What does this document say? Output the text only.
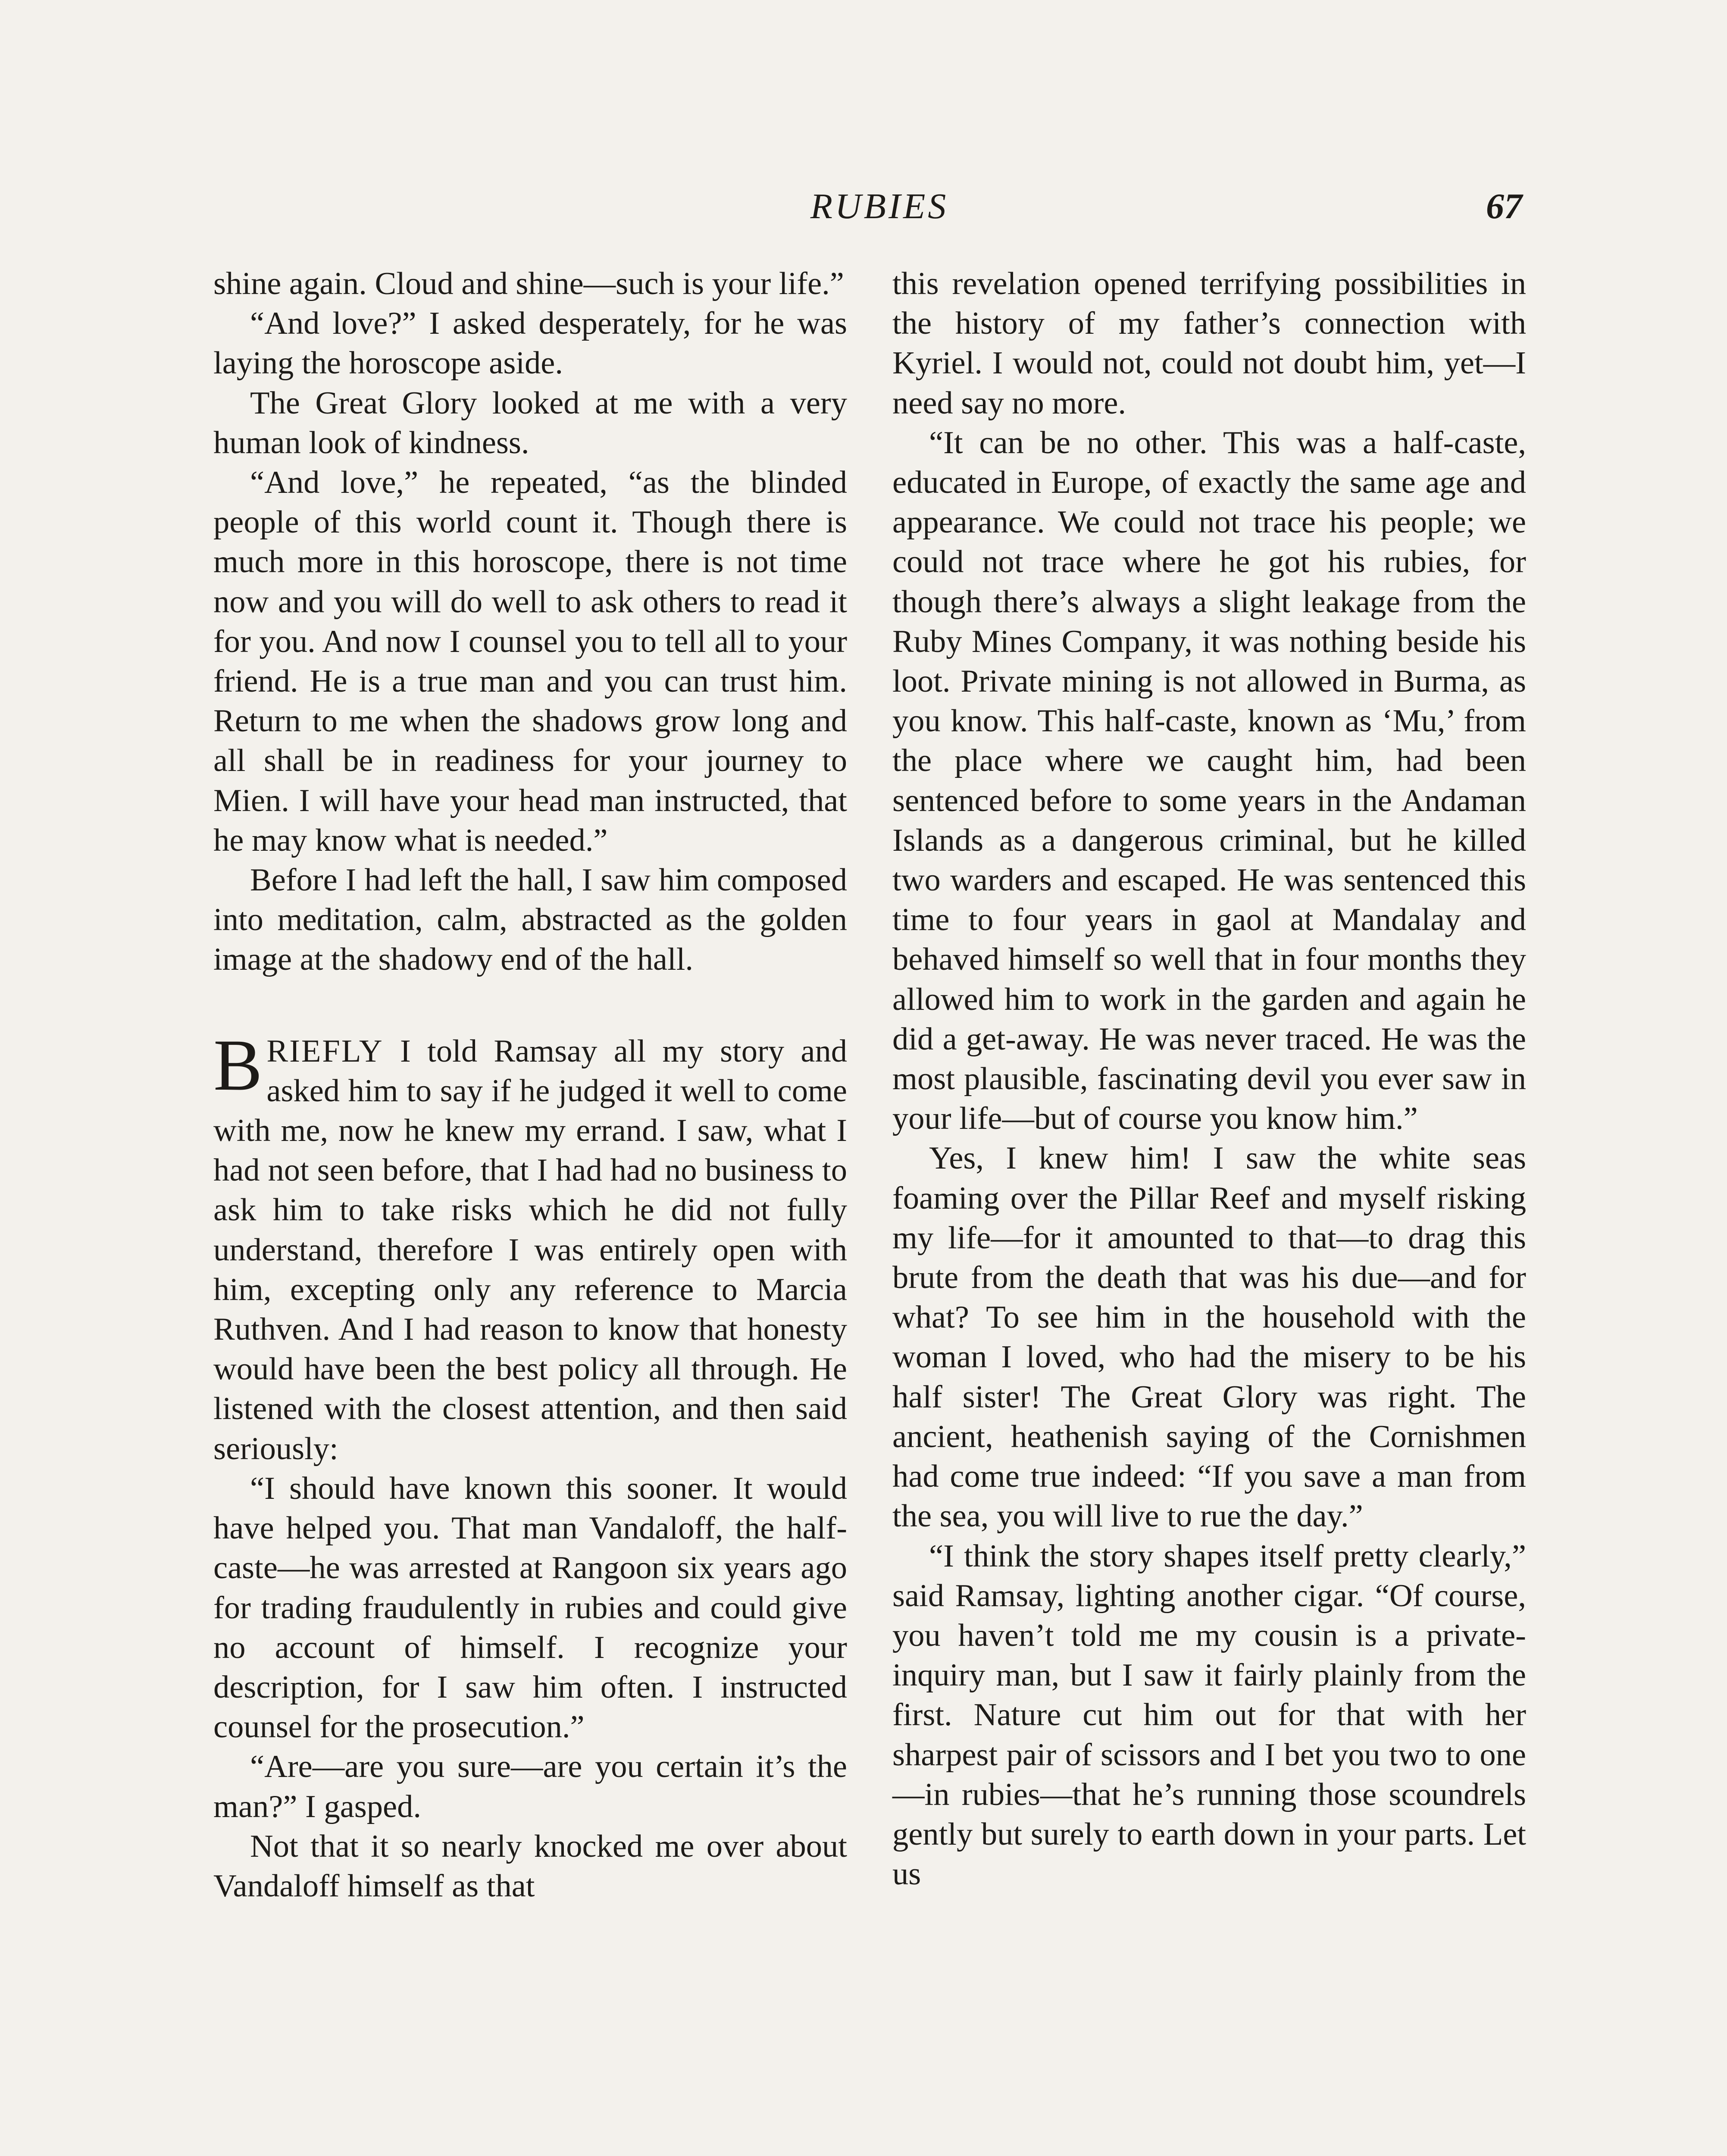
RUBIES	67

shine again. Cloud and shine—such is your life.”

“And love?” I asked desperately, for he was laying the horoscope aside.

The Great Glory looked at me with a very human look of kindness.

“And love,” he repeated, “as the blinded people of this world count it. Though there is much more in this horoscope, there is not time now and you will do well to ask others to read it for you. And now I counsel you to tell all to your friend. He is a true man and you can trust him. Return to me when the shadows grow long and all shall be in readiness for your journey to Mien. I will have your head man instructed, that he may know what is needed.”

Before I had left the hall, I saw him composed into meditation, calm, abstracted as the golden image at the shadowy end of the hall.

BRIEFLY I told Ramsay all my story and asked him to say if he judged it well to come with me, now he knew my errand. I saw, what I had not seen before, that I had had no business to ask him to take risks which he did not fully understand, therefore I was entirely open with him, excepting only any reference to Marcia Ruthven. And I had reason to know that honesty would have been the best policy all through. He listened with the closest attention, and then said seriously:

“I should have known this sooner. It would have helped you. That man Vandaloff, the half-caste—he was arrested at Rangoon six years ago for trading fraudulently in rubies and could give no account of himself. I recognize your description, for I saw him often. I instructed counsel for the prosecution.”

“Are—are you sure—are you certain it’s the man?” I gasped.

Not that it so nearly knocked me over about Vandaloff himself as that

this revelation opened terrifying possibilities in the history of my father’s connection with Kyriel. I would not, could not doubt him, yet—I need say no more.

“It can be no other. This was a half-caste, educated in Europe, of exactly the same age and appearance. We could not trace his people; we could not trace where he got his rubies, for though there’s always a slight leakage from the Ruby Mines Company, it was nothing beside his loot. Private mining is not allowed in Burma, as you know. This half-caste, known as ‘Mu,’ from the place where we caught him, had been sentenced before to some years in the Andaman Islands as a dangerous criminal, but he killed two warders and escaped. He was sentenced this time to four years in gaol at Mandalay and behaved himself so well that in four months they allowed him to work in the garden and again he did a get-away. He was never traced. He was the most plausible, fascinating devil you ever saw in your life—but of course you know him.”

Yes, I knew him! I saw the white seas foaming over the Pillar Reef and myself risking my life—for it amounted to that—to drag this brute from the death that was his due—and for what? To see him in the household with the woman I loved, who had the misery to be his half sister! The Great Glory was right. The ancient, heathenish saying of the Cornishmen had come true indeed: “If you save a man from the sea, you will live to rue the day.”

“I think the story shapes itself pretty clearly,” said Ramsay, lighting another cigar. “Of course, you haven’t told me my cousin is a private-inquiry man, but I saw it fairly plainly from the first. Nature cut him out for that with her sharpest pair of scissors and I bet you two to one—in rubies—that he’s running those scoundrels gently but surely to earth down in your parts. Let us
